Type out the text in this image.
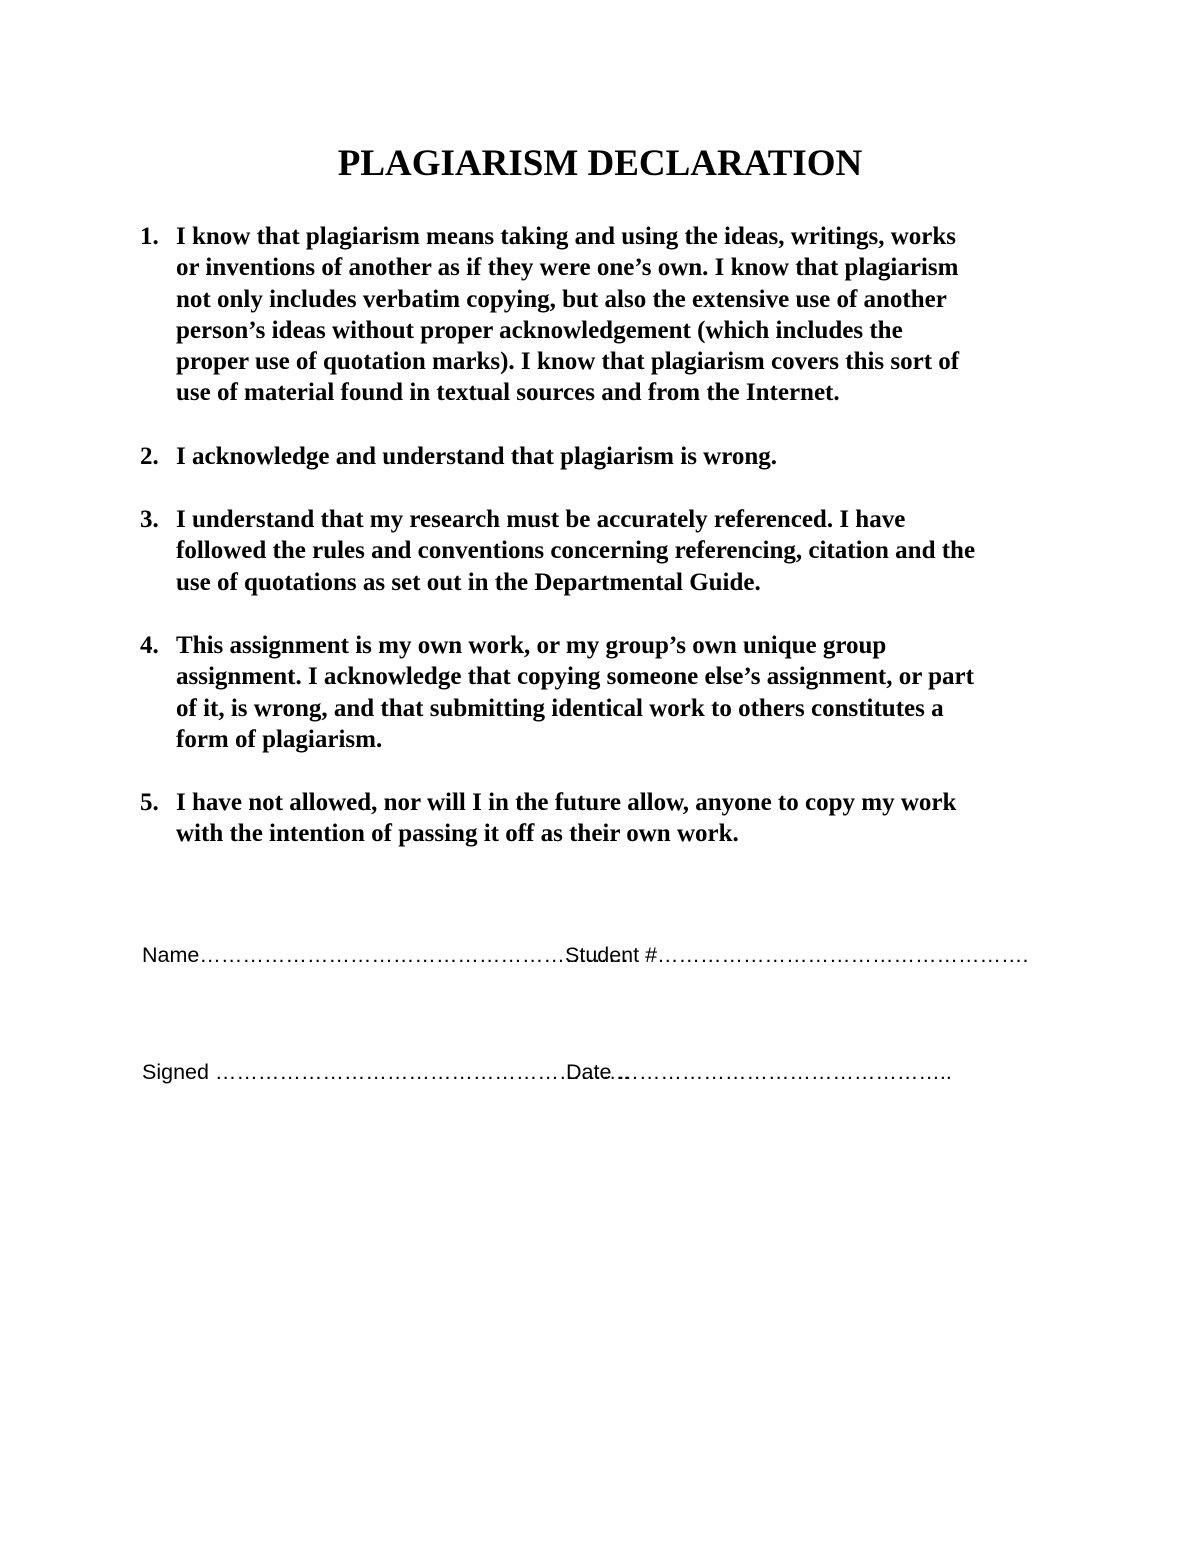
PLAGIARISM DECLARATION
1. I know that plagiarism means taking and using the ideas, writings, works
or inventions of another as if they were one’s own. I know that plagiarism
not only includes verbatim copying, but also the extensive use of another
person’s ideas without proper acknowledgement (which includes the
proper use of quotation marks). I know that plagiarism covers this sort of
use of material found in textual sources and from the Internet.
2. I acknowledge and understand that plagiarism is wrong.
3. I understand that my research must be accurately referenced. I have
followed the rules and conventions concerning referencing, citation and the
use of quotations as set out in the Departmental Guide.
4. This assignment is my own work, or my group’s own unique group
assignment. I acknowledge that copying someone else’s assignment, or part
of it, is wrong, and that submitting identical work to others constitutes a
form of plagiarism.
5. I have not allowed, nor will I in the future allow, anyone to copy my work
with the intention of passing it off as their own work.

Name……………………………………………………

Student #…………………………………………….

Signed ………………………………………………….

Date ………………………………………..
